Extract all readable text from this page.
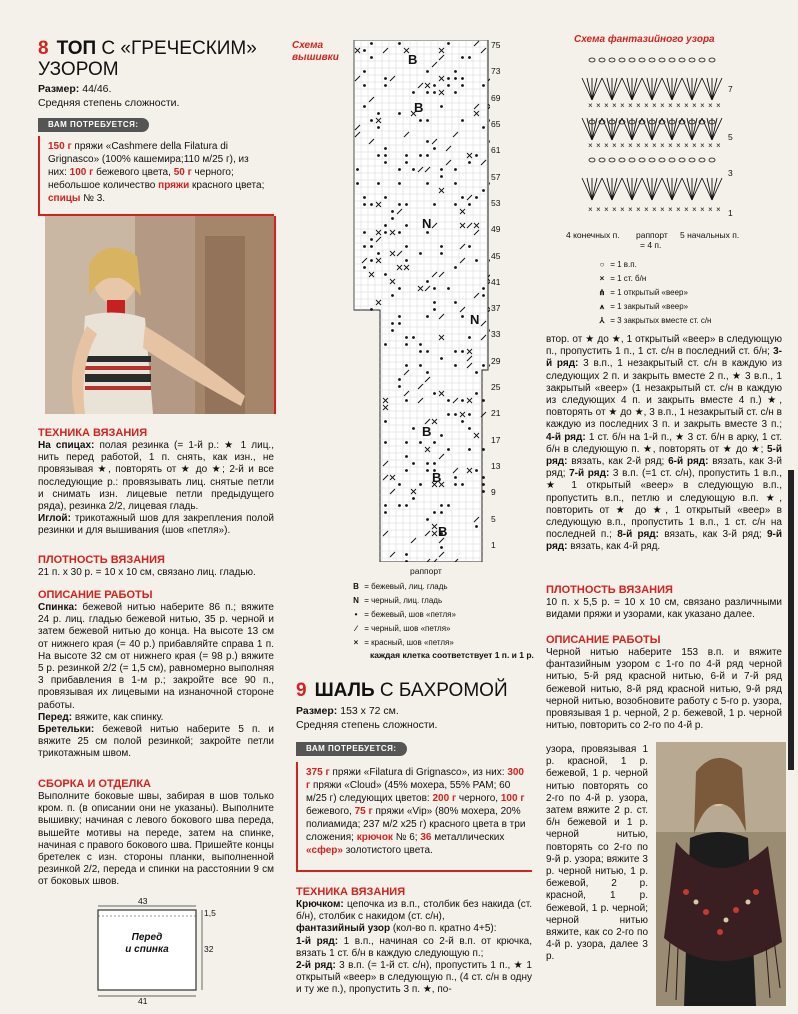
8 ТОП С «ГРЕЧЕСКИМ»
УЗОРОМ
Размер: 44/46.
Средняя степень сложности.
ВАМ ПОТРЕБУЕТСЯ:
150 г пряжи «Cashmere della Filatura di Grignasco» (100% кашемира;110 м/25 г), из них: 100 г бежевого цвета, 50 г черного; небольшое количество пряжи красного цвета; спицы № 3.
ТЕХНИКА ВЯЗАНИЯ

На спицах: полая резинка (= 1-й р.: ★ 1 лиц., нить перед работой, 1 п. снять, как изн., не провязывая ★, повторять от ★ до ★; 2-й и все последующие р.: провязывать лиц. снятые петли и снимать изн. лицевые петли предыдущего ряда), резинка 2/2, лицевая гладь.

Иглой: трикотажный шов для закрепления полой резинки и для вышивания (шов «петля»).

ПЛОТНОСТЬ ВЯЗАНИЯ
21 п. х 30 р. = 10 х 10 см, связано лиц. гладью.
ОПИСАНИЕ РАБОТЫ

Спинка: бежевой нитью наберите 86 п.; вяжите 24 р. лиц. гладью бежевой нитью, 35 р. черной и затем бежевой нитью до конца. На высоте 13 см от нижнего края (= 40 р.) прибавляйте справа 1 п. На высоте 32 см от нижнего края (= 98 р.) вяжите 5 р. резинкой 2/2 (= 1,5 см), равномерно выполняя 3 прибавления в 1-м р.; закройте все 90 п., провязывая их лицевыми на изнаночной стороне работы.

Перед: вяжите, как спинку.

Бретельки: бежевой нитью наберите 5 п. и вяжите 25 см полой резинкой; закройте петли трикотажным швом.

СБОРКА И ОТДЕЛКА
Выполните боковые швы, забирая в шов только кром. п. (в описании они не указаны). Выполните вышивку; начиная с левого бокового шва переда, вышейте мотивы на переде, затем на спинке, начиная с правого бокового шва. Пришейте концы бретелек с изн. стороны планки, выполненной резинкой 2/2, переда и спинки на расстоянии 9 см от боковых швов.
43
41
32
1,5
Перед
и спинка
Схема
вышивки	B
B
N
N
B
B
B
75
73
69
65
61
57
53
49
45
41
37
33
29
25
21
17
13
9
5
1
раппорт
B = бежевый, лиц. гладь
N = черный, лиц. гладь
• = бежевый, шов «петля»
∕ = черный, шов «петля»
× = красный, шов «петля»
каждая клетка соответствует 1 п. и 1 р.
9 ШАЛЬ С БАХРОМОЙ
Размер: 153 х 72 см.
Средняя степень сложности.
ВАМ ПОТРЕБУЕТСЯ:
375 г пряжи «Filatura di Grignasco», из них: 300 г пряжи «Cloud» (45% мохера, 55% PAM; 60 м/25 г) следующих цветов: 200 г черного, 100 г бежевого, 75 г пряжи «Vip» (80% мохера, 20% полиамида; 237 м/2 х25 г) красного цвета в три сложения; крючок № 6; 36 металлических «сфер» золотистого цвета.
ТЕХНИКА ВЯЗАНИЯ

Крючком: цепочка из в.п., столбик без накида (ст. б/н), столбик с накидом (ст. с/н),

фантазийный узор (кол-во п. кратно 4+5):

1-й ряд: 1 в.п., начиная со 2-й в.п. от крючка, вязать 1 ст. б/н в каждую следующую п.;

2-й ряд: 3 в.п. (= 1-й ст. с/н), пропустить 1 п., ★ 1 открытый «веер» в следующую п., (4 ст. с/н в одну и ту же п.), пропустить 3 п. ★, по-

Схема фантазийного узора
× × × × × × × × × × × × × × × × ×
× × × × × × × × × × × × × × × × ×
× × × × × × × × × × × × × × × × ×
7
5
3
1
4 конечных п. раппорт
= 4 п.
5 начальных п.
○ = 1 в.п.
× = 1 ст. б/н
⋔ = 1 открытый «веер»
⩚ = 1 закрытый «веер»
⅄ = 3 закрытых вместе ст. с/н

втор. от ★ до ★, 1 открытый «веер» в следующую п., пропустить 1 п., 1 ст. с/н в последний ст. б/н; 3-й ряд: 3 в.п., 1 незакрытый ст. с/н в каждую из следующих 2 п. и закрыть вместе 2 п., ★ 3 в.п., 1 закрытый «веер» (1 незакрытый ст. с/н в каждую из следующих 4 п. и закрыть вместе 4 п.) ★, повторять от ★ до ★, 3 в.п., 1 незакрытый ст. с/н в каждую из последних 3 п. и закрыть вместе 3 п.; 4-й ряд: 1 ст. б/н на 1-й п., ★ 3 ст. б/н в арку, 1 ст. б/н в следующую п. ★, повторять от ★ до ★; 5-й ряд: вязать, как 2-й ряд; 6-й ряд: вязать, как 3-й ряд; 7-й ряд: 3 в.п. (=1 ст. с/н), пропустить 1 в.п., ★ 1 открытый «веер» в следующую в.п., пропустить в.п., петлю и следующую в.п. ★, повторить от ★ до ★, 1 открытый «веер» в следующую в.п., пропустить 1 в.п., 1 ст. с/н на последней п.; 8-й ряд: вязать, как 3-й ряд; 9-й ряд: вязать, как 4-й ряд.

ПЛОТНОСТЬ ВЯЗАНИЯ
10 п. х 5,5 р. = 10 х 10 см, связано различными видами пряжи и узорами, как указано далее.
ОПИСАНИЕ РАБОТЫ
Черной нитью наберите 153 в.п. и вяжите фантазийным узором с 1-го по 4-й ряд черной нитью, 5-й ряд красной нитью, 6-й и 7-й ряд бежевой нитью, 8-й ряд красной нитью, 9-й ряд черной нитью, возобновите работу с 5-го р. узора, провязывая 1 р. черной, 2 р. бежевой, 1 р. черной нитью, повторить со 2-го по 4-й р.
узора, провязывая 1 р. красной, 1 р. бежевой, 1 р. черной нитью повторять со 2-го по 4-й р. узора, затем вяжите 2 р. ст. б/н бежевой и 1 р. черной нитью, повторять со 2-го по 9-й р. узора; вяжите 3 р. черной нитью, 1 р. бежевой, 2 р. красной, 1 р. бежевой, 1 р. черной; черной нитью вяжите, как со 2-го по 4-й р. узора, далее 3 р.
